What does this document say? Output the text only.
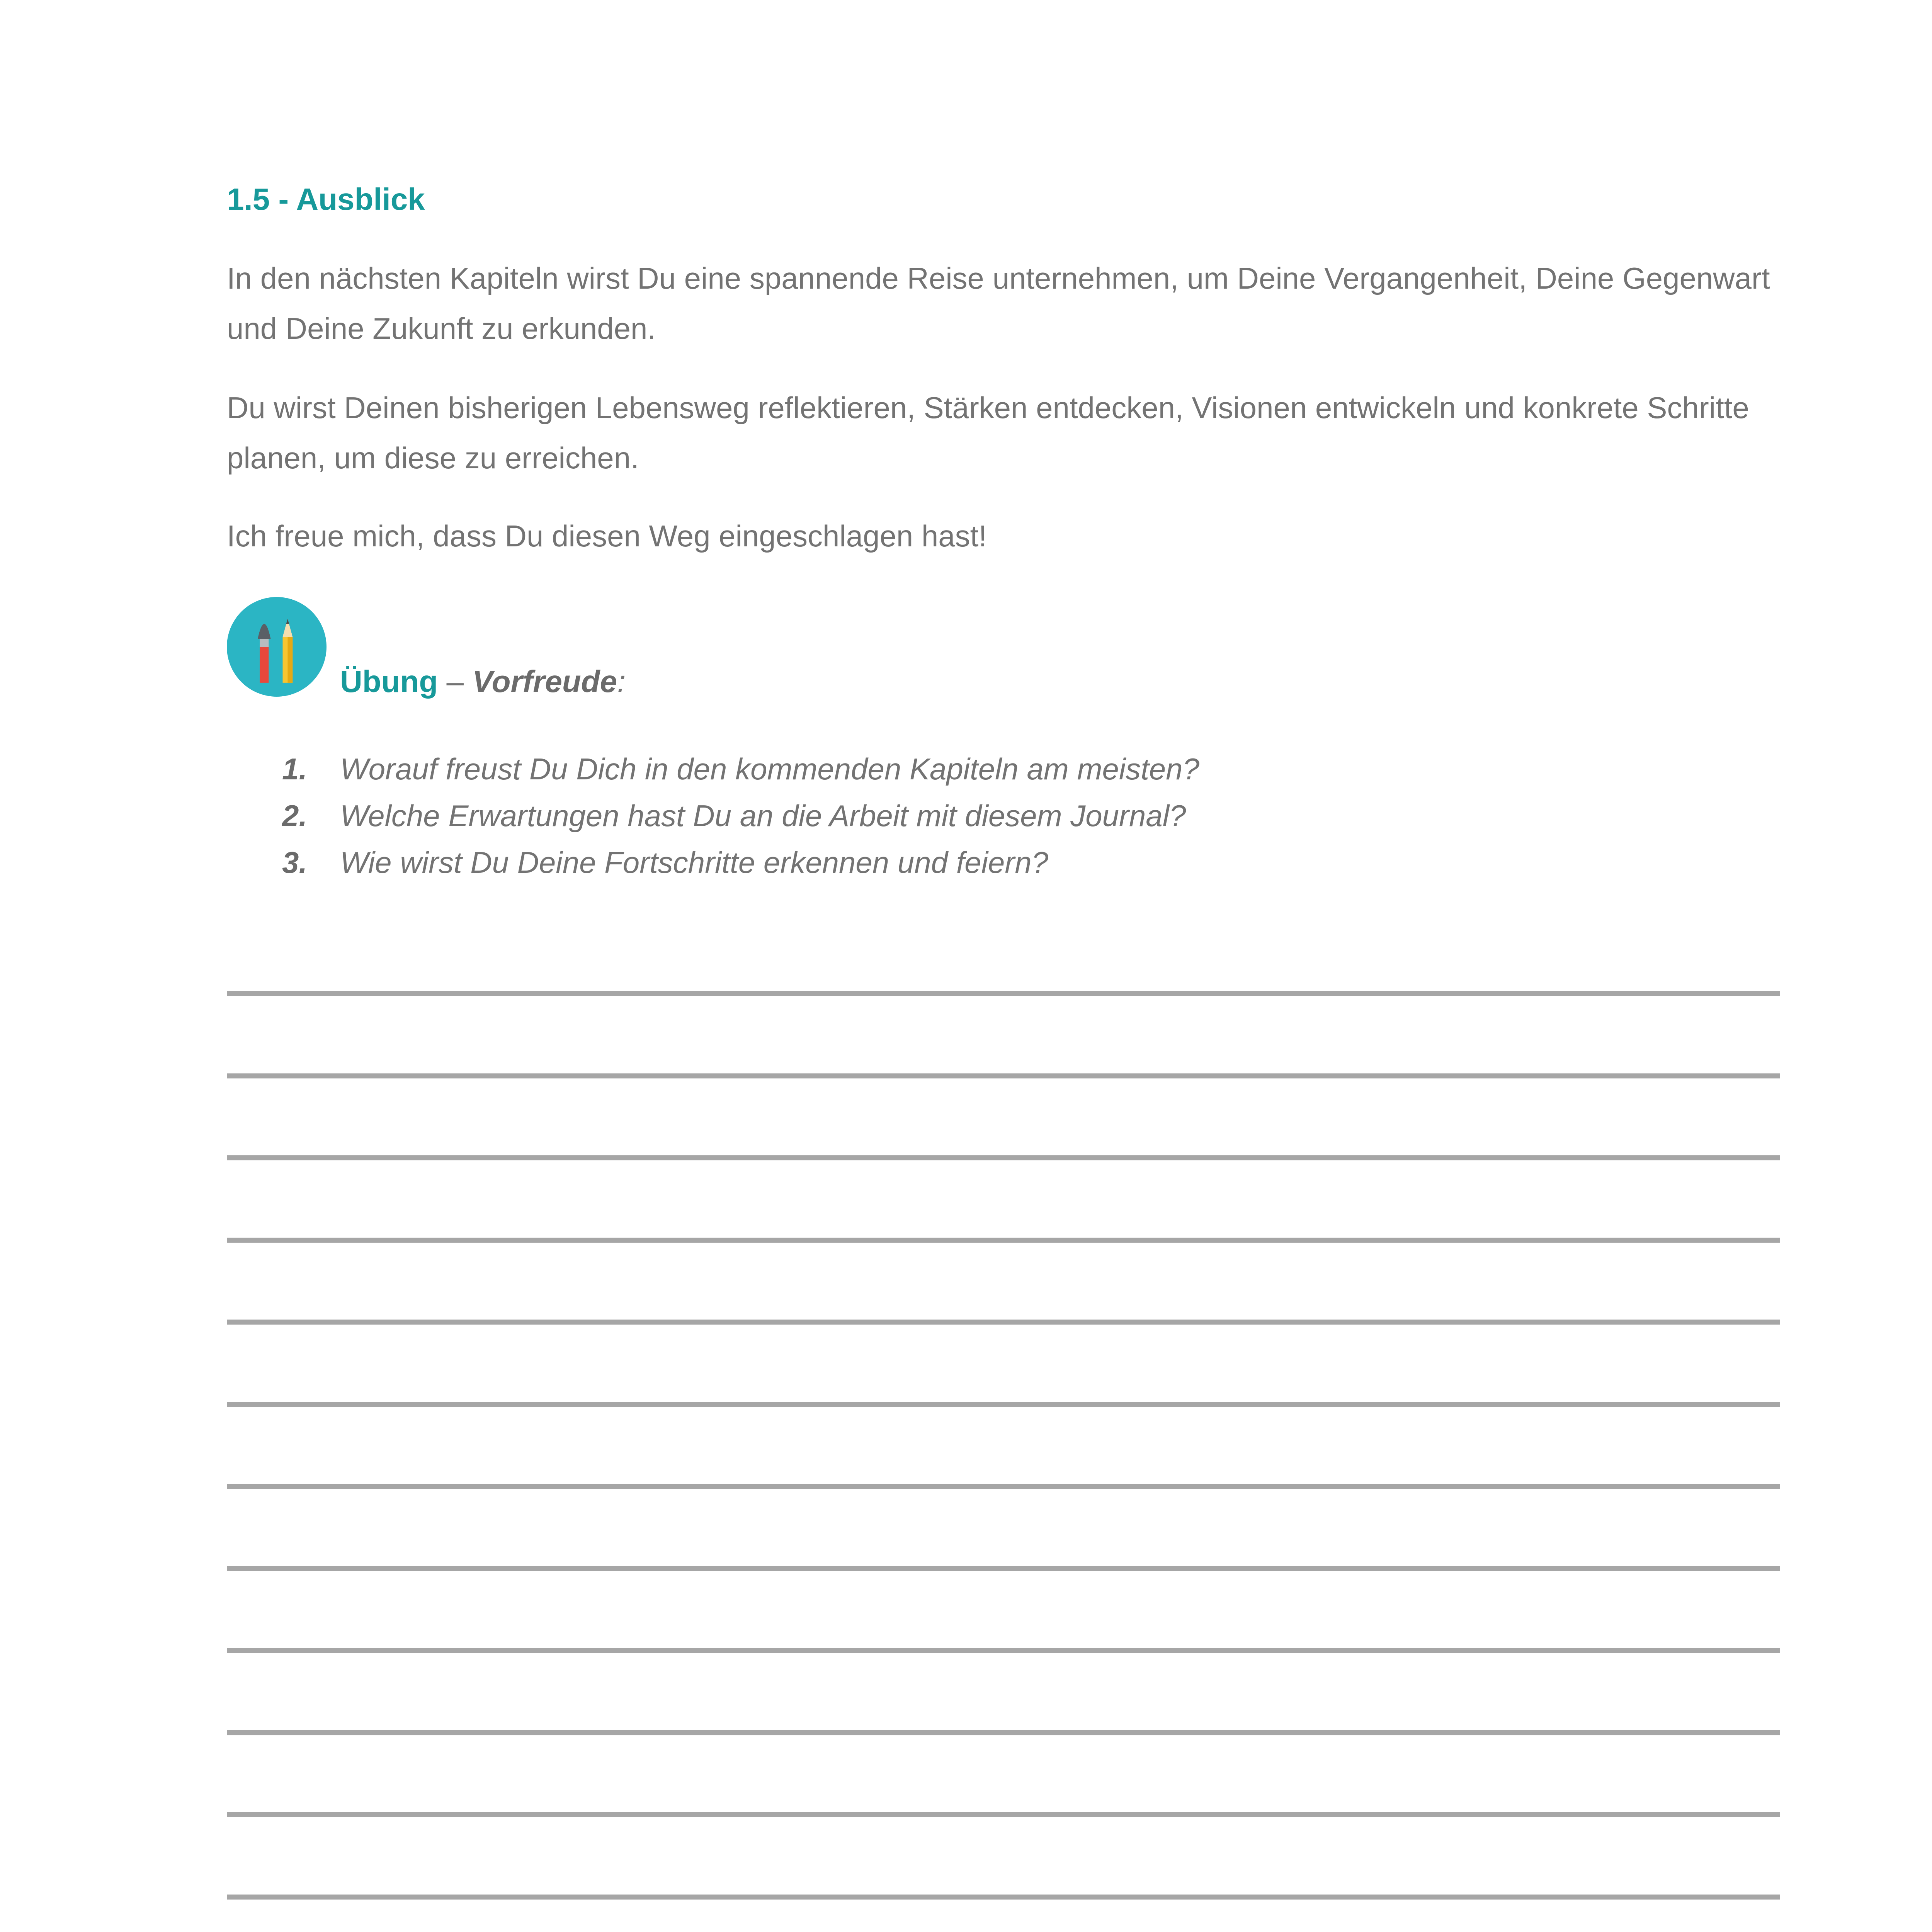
1.5 - Ausblick

In den nächsten Kapiteln wirst Du eine spannende Reise unternehmen, um Deine Vergangenheit, Deine Gegenwart und Deine Zukunft zu erkunden.

Du wirst Deinen bisherigen Lebensweg reflektieren, Stärken entdecken, Visionen entwickeln und konkrete Schritte planen, um diese zu erreichen.

Ich freue mich, dass Du diesen Weg eingeschlagen hast!

Übung – Vorfreude:
1. Worauf freust Du Dich in den kommenden Kapiteln am meisten?
2. Welche Erwartungen hast Du an die Arbeit mit diesem Journal?
3. Wie wirst Du Deine Fortschritte erkennen und feiern?
